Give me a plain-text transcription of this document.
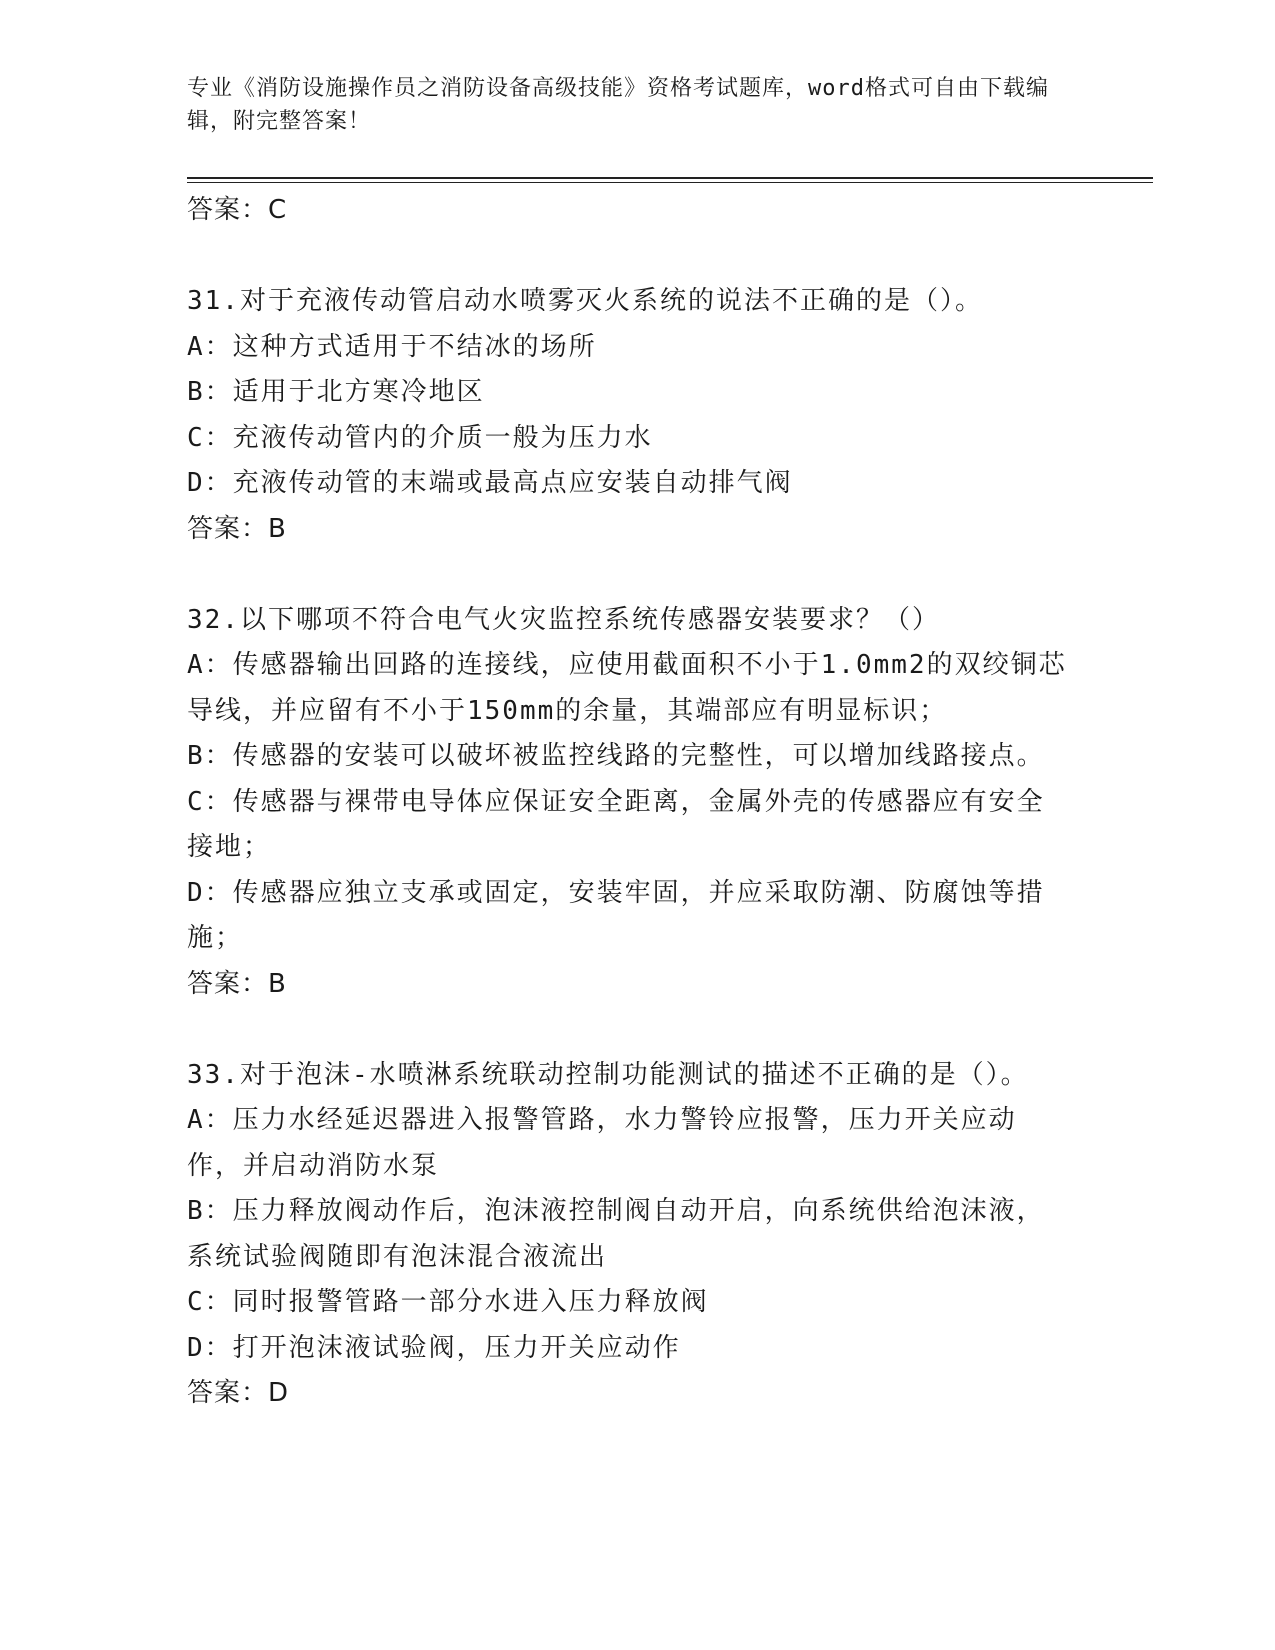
专业《消防设施操作员之消防设备高级技能》资格考试题库，word格式可自由下载编辑，附完整答案！
答案：C
31.对于充液传动管启动水喷雾灭火系统的说法不正确的是（）。
A：这种方式适用于不结冰的场所
B：适用于北方寒冷地区
C：充液传动管内的介质一般为压力水
D：充液传动管的末端或最高点应安装自动排气阀
答案：B
32.以下哪项不符合电气火灾监控系统传感器安装要求？（）
A：传感器输出回路的连接线，应使用截面积不小于1.0mm2的双绞铜芯导线，并应留有不小于150mm的余量，其端部应有明显标识；
B：传感器的安装可以破坏被监控线路的完整性，可以增加线路接点。
C：传感器与裸带电导体应保证安全距离，金属外壳的传感器应有安全接地；
D：传感器应独立支承或固定，安装牢固，并应采取防潮、防腐蚀等措施；
答案：B
33.对于泡沫-水喷淋系统联动控制功能测试的描述不正确的是（）。
A：压力水经延迟器进入报警管路，水力警铃应报警，压力开关应动作，并启动消防水泵
B：压力释放阀动作后，泡沫液控制阀自动开启，向系统供给泡沫液，系统试验阀随即有泡沫混合液流出
C：同时报警管路一部分水进入压力释放阀
D：打开泡沫液试验阀，压力开关应动作
答案：D
